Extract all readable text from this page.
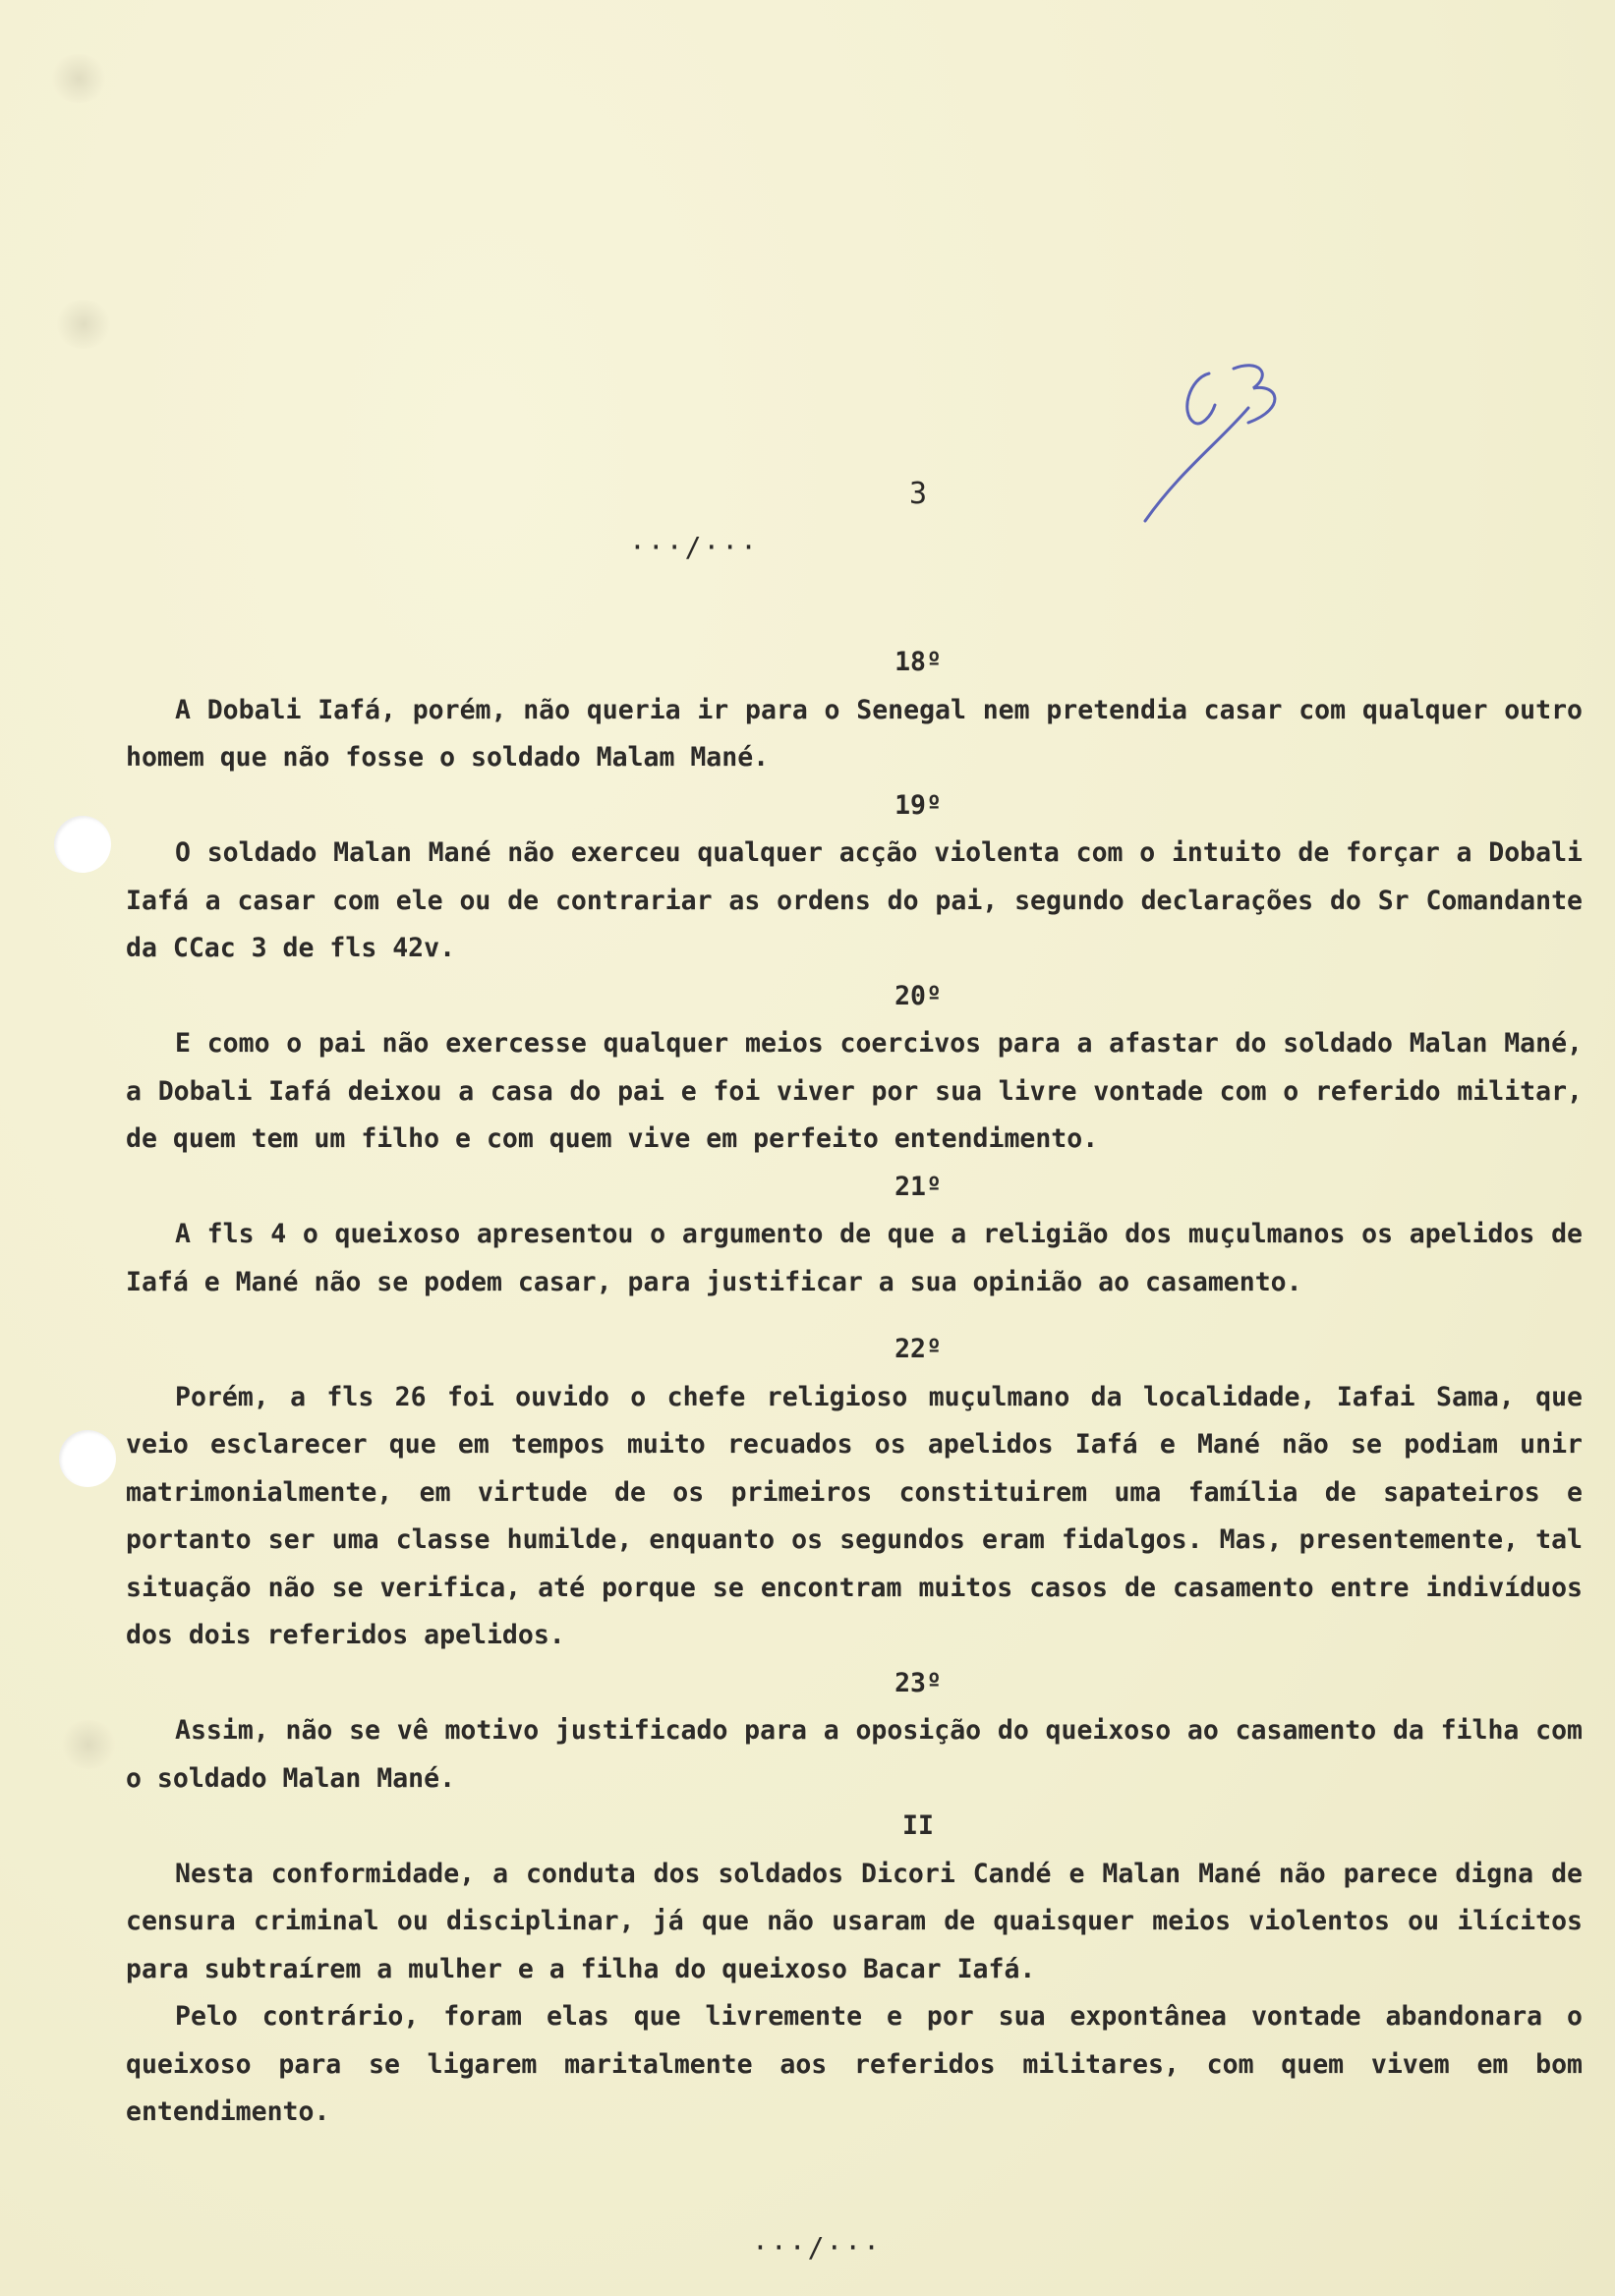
3
···/···
18º

A Dobali Iafá, porém, não queria ir para o Senegal nem pretendia casar com qualquer outro homem que não fosse o soldado Malam Mané.

19º

O soldado Malan Mané não exerceu qualquer acção violenta com o intuito de forçar a Dobali Iafá a casar com ele ou de contrariar as ordens do pai, segundo declarações do Sr Comandante da CCac 3 de fls 42v.

20º

E como o pai não exercesse qualquer meios coercivos para a afastar do soldado Malan Mané, a Dobali Iafá deixou a casa do pai e foi viver por sua livre vontade com o referido militar, de quem tem um filho e com quem vive em perfeito entendimento.

21º

A fls 4 o queixoso apresentou o argumento de que a religião dos muçulmanos os apelidos de Iafá e Mané não se podem casar, para justificar a sua opinião ao casamento.

22º

Porém, a fls 26 foi ouvido o chefe religioso muçulmano da localidade, Iafai Sama, que veio esclarecer que em tempos muito recuados os apelidos Iafá e Mané não se podiam unir matrimonialmente, em virtude de os primeiros constituirem uma família de sapateiros e portanto ser uma classe humilde, enquanto os segundos eram fidalgos. Mas, presentemente, tal situação não se verifica, até porque se encontram muitos casos de casamento entre indivíduos dos dois referidos apelidos.

23º

Assim, não se vê motivo justificado para a oposição do queixoso ao casamento da filha com o soldado Malan Mané.

II

Nesta conformidade, a conduta dos soldados Dicori Candé e Malan Mané não parece digna de censura criminal ou disciplinar, já que não usaram de quaisquer meios violentos ou ilícitos para subtraírem a mulher e a filha do queixoso Bacar Iafá.

Pelo contrário, foram elas que livremente e por sua expontânea vontade abandonara o queixoso para se ligarem maritalmente aos referidos militares, com quem vivem em bom entendimento.

···/···
